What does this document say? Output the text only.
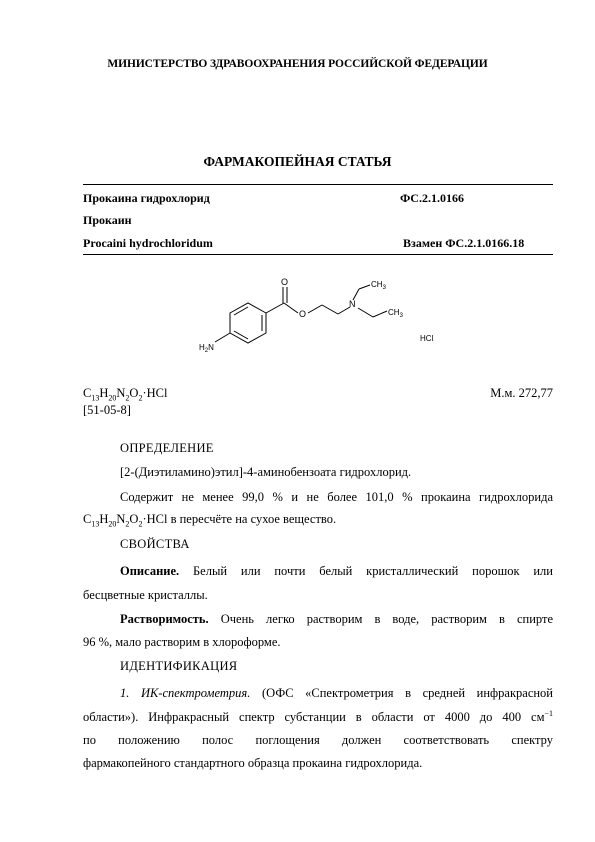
МИНИСТЕРСТВО ЗДРАВООХРАНЕНИЯ РОССИЙСКОЙ ФЕДЕРАЦИИ
ФАРМАКОПЕЙНАЯ СТАТЬЯ
Прокаина гидрохлорид	ФС.2.1.0166
Прокаин
Procaini hydrochloridum	Взамен ФС.2.1.0166.18
O
O
N
$CH_3$
$CH_3$
$H_2N$
HCl
$C_{13}H_{20}N_2O_2\cdot HCl$	М.м. 272,77
[51-05-8]
ОПРЕДЕЛЕНИЕ
[2-(Диэтиламино)этил]-4-аминобензоата гидрохлорид.
Содержит не менее 99,0 % и не более 101,0 % прокаина гидрохлорида
$C_{13}H_{20}N_2O_2\cdot HCl$ в пересчёте на сухое вещество.
СВОЙСТВА
Описание. Белый или почти белый кристаллический порошок или
бесцветные кристаллы.
Растворимость. Очень легко растворим в воде, растворим в спирте
96 %, мало растворим в хлороформе.
ИДЕНТИФИКАЦИЯ
1. ИК-спектрометрия. (ОФС «Спектрометрия в средней инфракрасной
области»). Инфракрасный спектр субстанции в области от 4000 до 400 $см^{-1}$
по положению полос поглощения должен соответствовать спектру
фармакопейного стандартного образца прокаина гидрохлорида.
